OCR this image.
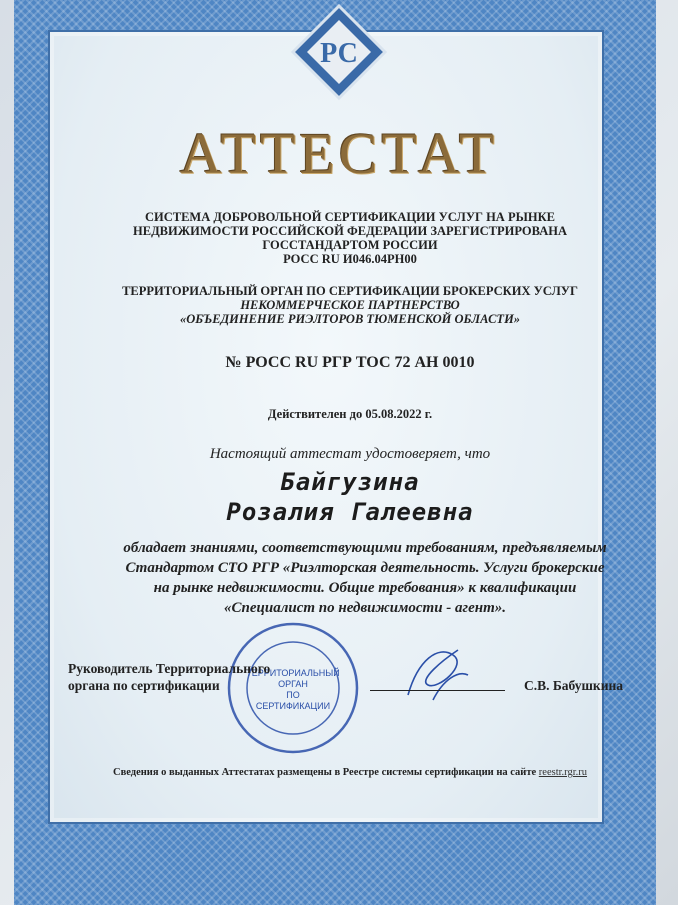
РС
АТТЕСТАТ
СИСТЕМА ДОБРОВОЛЬНОЙ СЕРТИФИКАЦИИ УСЛУГ НА РЫНКЕ
НЕДВИЖИМОСТИ РОССИЙСКОЙ ФЕДЕРАЦИИ ЗАРЕГИСТРИРОВАНА
ГОССТАНДАРТОМ РОССИИ
РОСС RU И046.04РН00
ТЕРРИТОРИАЛЬНЫЙ ОРГАН ПО СЕРТИФИКАЦИИ БРОКЕРСКИХ УСЛУГ
НЕКОММЕРЧЕСКОЕ ПАРТНЕРСТВО
«ОБЪЕДИНЕНИЕ РИЭЛТОРОВ ТЮМЕНСКОЙ ОБЛАСТИ»
№ РОСС RU РГР ТОС 72 АН 0010
Действителен до 05.08.2022 г.
Настоящий аттестат удостоверяет, что
Байгузина
Розалия Галеевна
обладает знаниями, соответствующими требованиям, предъявляемым
Стандартом СТО РГР «Риэлторская деятельность. Услуги брокерские
на рынке недвижимости. Общие требования» к квалификации
«Специалист по недвижимости - агент».
ТЕРРИТОРИАЛЬНЫЙ
ОРГАН
ПО
СЕРТИФИКАЦИИ
Руководитель Территориального
органа по сертификации	С.В. Бабушкина
Сведения о выданных Аттестатах размещены в Реестре системы сертификации на сайте reestr.rgr.ru
